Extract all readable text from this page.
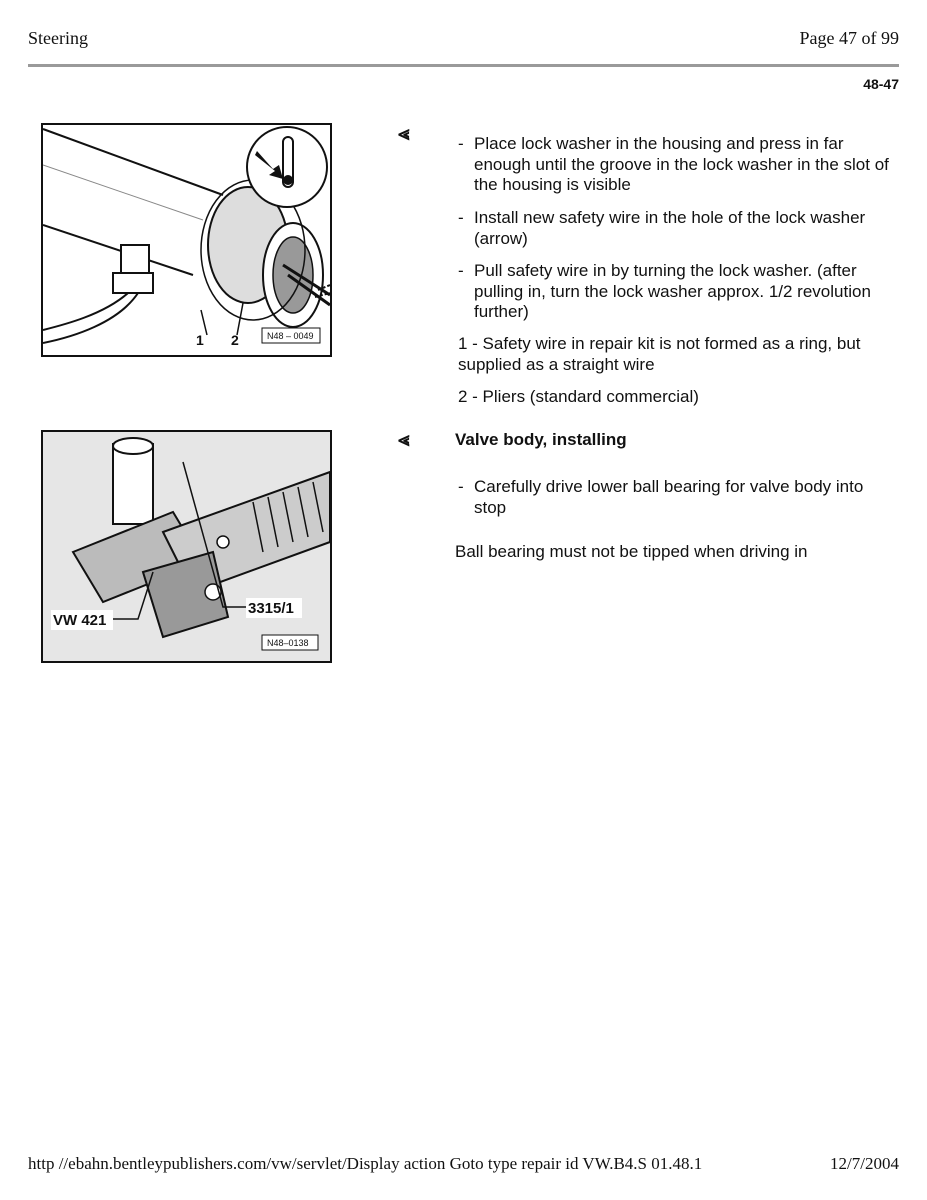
Steering	Page 47 of 99
48-47
1 2	N48 – 0049
⪡	- Place lock washer in the housing and press in far enough until the groove in the lock washer in the slot of the housing is visible
- Install new safety wire in the hole of the lock washer (arrow)
- Pull safety wire in by turning the lock washer. (after pulling in, turn the lock washer approx. 1/2 revolution further)
1 - Safety wire in repair kit is not formed as a ring, but supplied as a straight wire
2 - Pliers (standard commercial)
VW 421
3315/1
N48–0138
⪡	Valve body, installing
- Carefully drive lower ball bearing for valve body into stop
Ball bearing must not be tipped when driving in
http //ebahn.bentleypublishers.com/vw/servlet/Display action Goto type repair id VW.B4.S 01.48.1	12/7/2004
